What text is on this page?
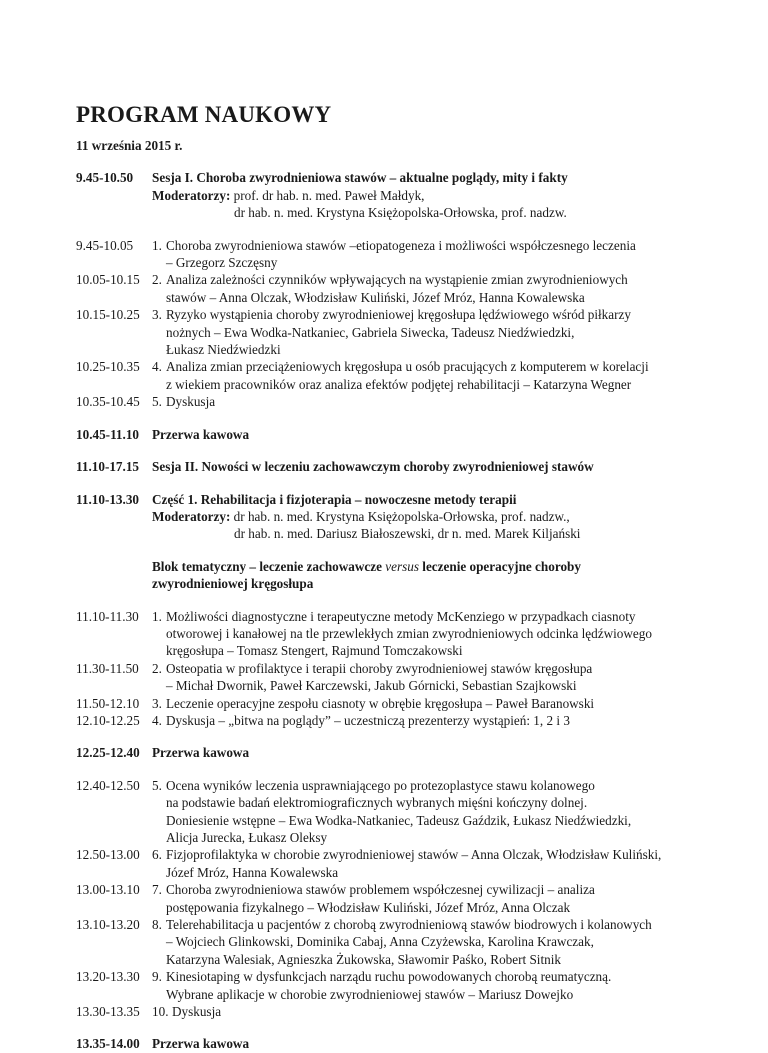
PROGRAM NAUKOWY
11 września 2015 r.
9.45-10.50	Sesja I. Choroba zwyrodnieniowa stawów – aktualne poglądy, mity i fakty
Moderatorzy: prof. dr hab. n. med. Paweł Małdyk,
dr hab. n. med. Krystyna Księżopolska-Orłowska, prof. nadzw.
9.45-10.05	1. Choroba zwyrodnieniowa stawów –etiopatogeneza i możliwości współczesnego leczenia
– Grzegorz Szczęsny
10.05-10.15 2. Analiza zależności czynników wpływających na wystąpienie zmian zwyrodnieniowych
stawów – Anna Olczak, Włodzisław Kuliński, Józef Mróz, Hanna Kowalewska
10.15-10.25 3. Ryzyko wystąpienia choroby zwyrodnieniowej kręgosłupa lędźwiowego wśród piłkarzy
nożnych – Ewa Wodka-Natkaniec, Gabriela Siwecka, Tadeusz Niedźwiedzki,
Łukasz Niedźwiedzki
10.25-10.35 4. Analiza zmian przeciążeniowych kręgosłupa u osób pracujących z komputerem w korelacji
z wiekiem pracowników oraz analiza efektów podjętej rehabilitacji – Katarzyna Wegner
10.35-10.45 5. Dyskusja
10.45-11.10 Przerwa kawowa
11.10-17.15 Sesja II. Nowości w leczeniu zachowawczym choroby zwyrodnieniowej stawów
11.10-13.30 Część 1. Rehabilitacja i fizjoterapia – nowoczesne metody terapii
Moderatorzy: dr hab. n. med. Krystyna Księżopolska-Orłowska, prof. nadzw.,
dr hab. n. med. Dariusz Białoszewski, dr n. med. Marek Kiljański
Blok tematyczny – leczenie zachowawcze versus leczenie operacyjne choroby
zwyrodnieniowej kręgosłupa
11.10-11.30	1. Możliwości diagnostyczne i terapeutyczne metody McKenziego w przypadkach ciasnoty
otworowej i kanałowej na tle przewlekłych zmian zwyrodnieniowych odcinka lędźwiowego
kręgosłupa – Tomasz Stengert, Rajmund Tomczakowski
11.30-11.50	2. Osteopatia w profilaktyce i terapii choroby zwyrodnieniowej stawów kręgosłupa
– Michał Dwornik, Paweł Karczewski, Jakub Górnicki, Sebastian Szajkowski
11.50-12.10 3. Leczenie operacyjne zespołu ciasnoty w obrębie kręgosłupa – Paweł Baranowski
12.10-12.25 4. Dyskusja – „bitwa na poglądy” – uczestniczą prezenterzy wystąpień: 1, 2 i 3
12.25-12.40 Przerwa kawowa
12.40-12.50 5. Ocena wyników leczenia usprawniającego po protezoplastyce stawu kolanowego
na podstawie badań elektromiograficznych wybranych mięśni kończyny dolnej.
Doniesienie wstępne – Ewa Wodka-Natkaniec, Tadeusz Gaździk, Łukasz Niedźwiedzki,
Alicja Jurecka, Łukasz Oleksy
12.50-13.00 6. Fizjoprofilaktyka w chorobie zwyrodnieniowej stawów – Anna Olczak, Włodzisław Kuliński,
Józef Mróz, Hanna Kowalewska
13.00-13.10 7. Choroba zwyrodnieniowa stawów problemem współczesnej cywilizacji – analiza
postępowania fizykalnego – Włodzisław Kuliński, Józef Mróz, Anna Olczak
13.10-13.20 8. Telerehabilitacja u pacjentów z chorobą zwyrodnieniową stawów biodrowych i kolanowych
– Wojciech Glinkowski, Dominika Cabaj, Anna Czyżewska, Karolina Krawczak,
Katarzyna Walesiak, Agnieszka Żukowska, Sławomir Paśko, Robert Sitnik
13.20-13.30 9. Kinesiotaping w dysfunkcjach narządu ruchu powodowanych chorobą reumatyczną.
Wybrane aplikacje w chorobie zwyrodnieniowej stawów – Mariusz Dowejko
13.30-13.35 10. Dyskusja
13.35-14.00 Przerwa kawowa
